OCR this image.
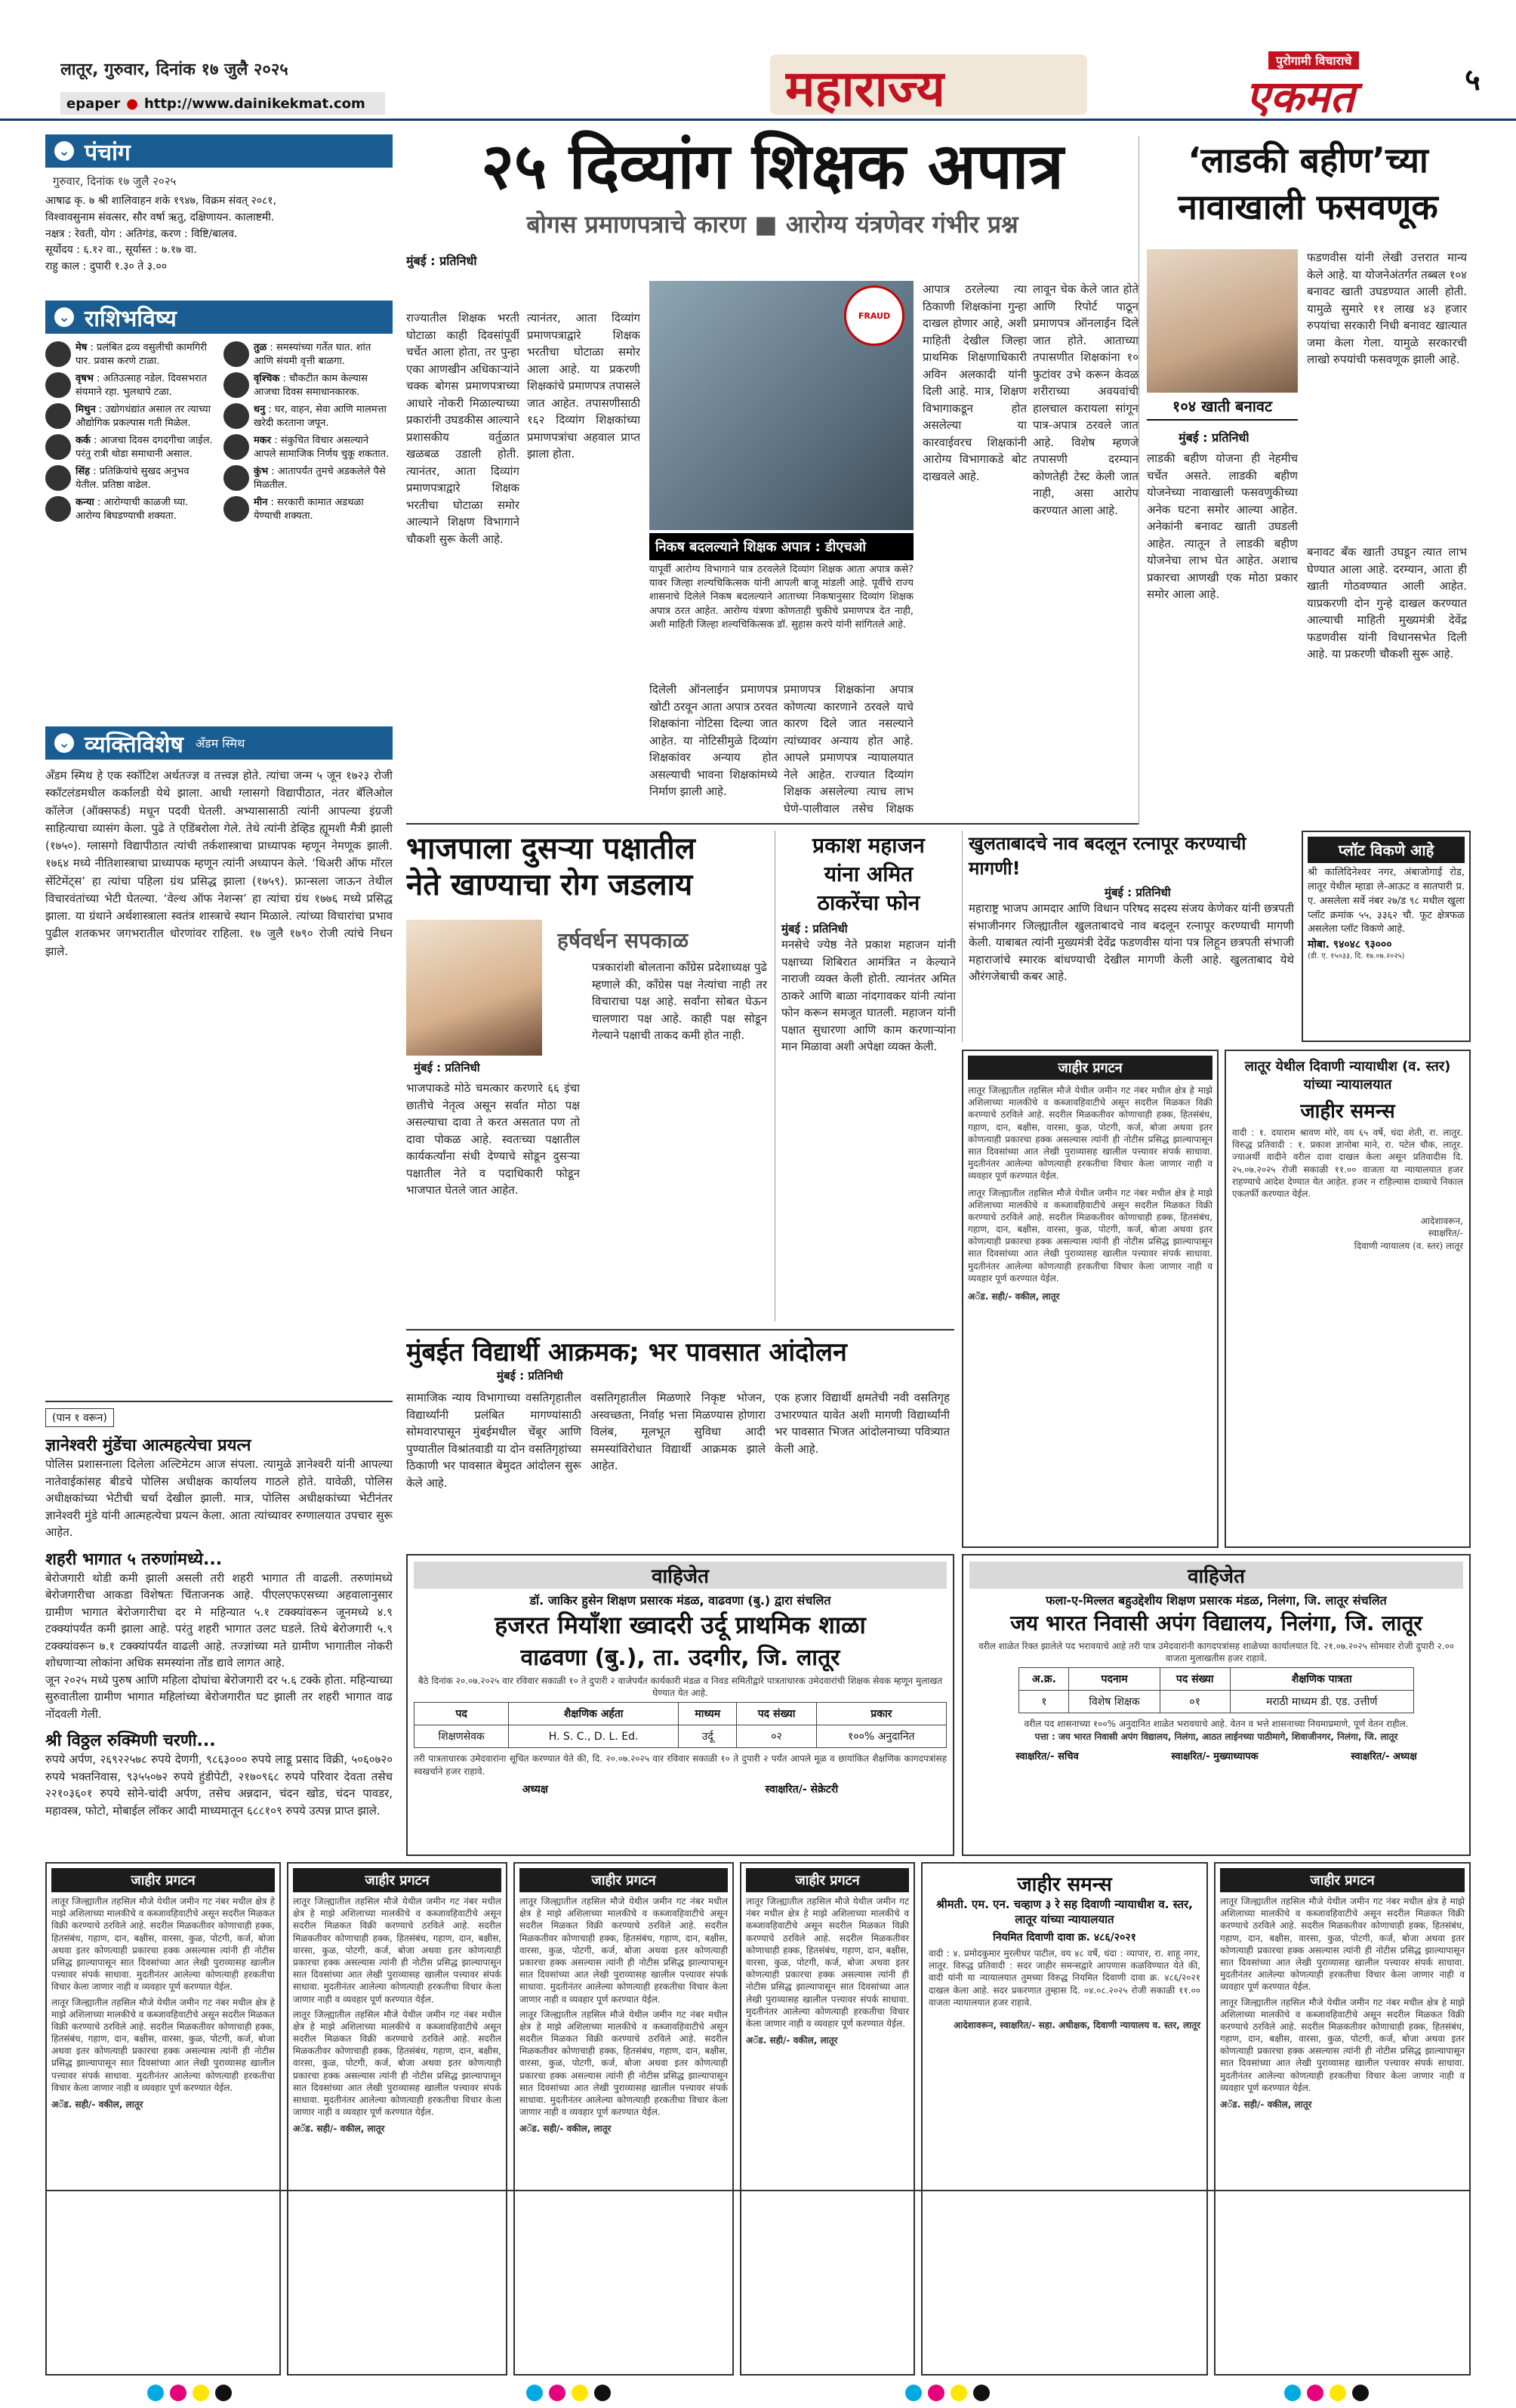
लातूर, गुरुवार, दिनांक १७ जुलै २०२५
epaper ● http://www.dainikekmat.com	महाराज्य	पुरोगामी विचाराचे
एकमत	५
⌄ पंचांग
गुरुवार, दिनांक १७ जुलै २०२५
आषाढ कृ. ७ श्री शालिवाहन शके १९४७, विक्रम संवत् २०८१,
विश्वावसुनाम संवत्सर, सौर वर्षा ऋतु, दक्षिणायन. कालाष्टमी.
नक्षत्र : रेवती, योग : अतिगंड, करण : विष्टि/बालव.
सूर्योदय : ६.१२ वा., सूर्यास्त : ७.१७ वा.
राहु काल : दुपारी १.३० ते ३.००
⌄ राशिभविष्य
मेष : प्रलंबित द्रव्य वसुलीची कामगिरी पार. प्रवास करणे टाळा.
तुळ : समस्यांच्या गर्तेत घात. शांत आणि संयमी वृत्ती बाळगा.
वृषभ : अतिउत्साह नडेल. दिवसभरात संयमाने रहा. भुलथापे टळा.
वृश्चिक : चौकटीत काम केल्यास आजचा दिवस समाधानकारक.
मिथुन : उद्योगधंद्यांत असाल तर त्याच्या औद्योगिक प्रकल्पास गती मिळेल.
धनु : घर, वाहन, सेवा आणि मालमत्ता खरेदी करताना जपून.
कर्क : आजचा दिवस दगदगीचा जाईल. परंतु रात्री थोडा समाधानी असाल.
मकर : संकुचित विचार असल्याने आपले सामाजिक निर्णय चुकू शकतात.
सिंह : प्रतिक्रियांचे सुखद अनुभव येतील. प्रतिष्ठा वाढेल.
कुंभ : आतापर्यंत तुमचे अडकलेले पैसे मिळतील.
कन्या : आरोग्याची काळजी घ्या. आरोग्य बिघडण्याची शक्यता.
मीन : सरकारी कामात अडथळा येण्याची शक्यता.
⌄ व्यक्तिविशेष अँडम स्मिथ
अँडम स्मिथ हे एक स्कॉटिश अर्थतज्ज्ञ व तत्त्वज्ञ होते. त्यांचा जन्म ५ जून १७२३ रोजी स्कॉटलंडमधील कर्कालडी येथे झाला. आधी ग्लासगो विद्यापीठात, नंतर बॅलिओल कॉलेज (ऑक्सफर्ड) मधून पदवी घेतली. अभ्यासासाठी त्यांनी आपल्या इंग्रजी साहित्याचा व्यासंग केला. पुढे ते एडिंबरोला गेले. तेथे त्यांनी डेव्हिड ह्यूमशी मैत्री झाली (१७५०). ग्लासगो विद्यापीठात त्यांची तर्कशास्त्राचा प्राध्यापक म्हणून नेमणूक झाली. १७६४ मध्ये नीतिशास्त्राचा प्राध्यापक म्हणून त्यांनी अध्यापन केले. ‘थिअरी ऑफ मॉरल सेंटिमेंट्स’ हा त्यांचा पहिला ग्रंथ प्रसिद्ध झाला (१७५९). फ्रान्सला जाऊन तेथील विचारवंतांच्या भेटी घेतल्या. ‘वेल्थ ऑफ नेशन्स’ हा त्यांचा ग्रंथ १७७६ मध्ये प्रसिद्ध झाला. या ग्रंथाने अर्थशास्त्राला स्वतंत्र शास्त्राचे स्थान मिळाले. त्यांच्या विचारांचा प्रभाव पुढील शतकभर जगभरातील धोरणांवर राहिला. १७ जुलै १७९० रोजी त्यांचे निधन झाले.
(पान १ वरून)
ज्ञानेश्वरी मुंडेंचा आत्महत्येचा प्रयत्न
पोलिस प्रशासनाला दिलेला अल्टिमेटम आज संपला. त्यामुळे ज्ञानेश्वरी यांनी आपल्या नातेवाईकांसह बीडचे पोलिस अधीक्षक कार्यालय गाठले होते. यावेळी, पोलिस अधीक्षकांच्या भेटीची चर्चा देखील झाली. मात्र, पोलिस अधीक्षकांच्या भेटीनंतर ज्ञानेश्वरी मुंडे यांनी आत्महत्येचा प्रयत्न केला. आता त्यांच्यावर रुग्णालयात उपचार सुरू आहेत.
शहरी भागात ५ तरुणांमध्ये...
बेरोजगारी थोडी कमी झाली असली तरी शहरी भागात ती वाढली. तरुणांमध्ये बेरोजगारीचा आकडा विशेषतः चिंताजनक आहे. पीएलएफएसच्या अहवालानुसार ग्रामीण भागात बेरोजगारीचा दर मे महिन्यात ५.१ टक्क्यांवरून जूनमध्ये ४.९ टक्क्यांपर्यंत कमी झाला आहे. परंतु शहरी भागात उलट घडले. तिथे बेरोजगारी ५.९ टक्क्यांवरून ७.१ टक्क्यांपर्यंत वाढली आहे. तज्ज्ञांच्या मते ग्रामीण भागातील नोकरी शोधणाऱ्या लोकांना अधिक समस्यांना तोंड द्यावे लागत आहे.
जून २०२५ मध्ये पुरुष आणि महिला दोघांचा बेरोजगारी दर ५.६ टक्के होता. महिन्याच्या सुरुवातीला ग्रामीण भागात महिलांच्या बेरोजगारीत घट झाली तर शहरी भागात वाढ नोंदवली गेली.
श्री विठ्ठल रुक्मिणी चरणी...
रुपये अर्पण, २६९२२५७८ रुपये देणगी, ९८६३००० रुपये लाडू प्रसाद विक्री, ५०६०७२० रुपये भक्तनिवास, ९३५५०७२ रुपये हुंडीपेटी, २१७०९६८ रुपये परिवार देवता तसेच २२१०३६०१ रुपये सोने-चांदी अर्पण, तसेच अन्नदान, चंदन खोड, चंदन पावडर, महावस्त्र, फोटो, मोबाईल लॉकर आदी माध्यमातून ६८८१०९ रुपये उत्पन्न प्राप्त झाले.
२५ दिव्यांग शिक्षक अपात्र
बोगस प्रमाणपत्राचे कारण ■ आरोग्य यंत्रणेवर गंभीर प्रश्न
मुंबई : प्रतिनिधी
राज्यातील शिक्षक भरती घोटाळा काही दिवसांपूर्वी चर्चेत आला होता, तर पुन्हा एका आणखीन अधिकाऱ्यांने चक्क बोगस प्रमाणपत्राच्या आधारे नोकरी मिळाल्याच्या प्रकारांनी उघडकीस आल्याने प्रशासकीय वर्तुळात खळबळ उडाली होती. त्यानंतर, आता दिव्यांग प्रमाणपत्राद्वारे शिक्षक भरतीचा घोटाळा समोर आल्याने शिक्षण विभागाने चौकशी सुरू केली आहे.
त्यानंतर, आता दिव्यांग प्रमाणपत्राद्वारे शिक्षक भरतीचा घोटाळा समोर आला आहे. या प्रकरणी शिक्षकांचे प्रमाणपत्र तपासले जात आहेत. तपासणीसाठी १६२ दिव्यांग शिक्षकांच्या प्रमाणपत्रांचा अहवाल प्राप्त झाला होता.
FRAUD
निकष बदलल्याने शिक्षक अपात्र : डीएचओ
यापूर्वी आरोग्य विभागाने पात्र ठरवलेले दिव्यांग शिक्षक आता अपात्र कसे? यावर जिल्हा शल्यचिकित्सक यांनी आपली बाजू मांडली आहे. पूर्वीचे राज्य शासनाचे दिलेले निकष बदलल्याने आताच्या निकषानुसार दिव्यांग शिक्षक अपात्र ठरत आहेत. आरोग्य यंत्रणा कोणताही चुकीचे प्रमाणपत्र देत नाही, अशी माहिती जिल्हा शल्यचिकित्सक डॉ. सुहास करपे यांनी सांगितले आहे.
आपात्र ठरलेल्या त्या ठिकाणी शिक्षकांना गुन्हा दाखल होणार आहे, अशी माहिती देखील जिल्हा प्राथमिक शिक्षणाधिकारी अविन अलकादी यांनी दिली आहे. मात्र, शिक्षण विभागाकडून होत असलेल्या या कारवाईवरच शिक्षकांनी आरोग्य विभागाकडे बोट दाखवले आहे.
लावून चेक केले जात होते आणि रिपोर्ट पाठून प्रमाणपत्र ऑनलाईन दिले जात होते. आताच्या तपासणीत शिक्षकांना १० फुटांवर उभे करून केवळ शरीराच्या अवयवांची हालचाल करायला सांगून पात्र-अपात्र ठरवले जात आहे. विशेष म्हणजे तपासणी दरम्यान कोणतेही टेस्ट केली जात नाही, असा आरोप करण्यात आला आहे.
दिलेली ऑनलाईन प्रमाणपत्र खोटी ठरवून आता अपात्र ठरवत शिक्षकांना नोटिसा दिल्या जात आहेत. या नोटिसीमुळे दिव्यांग शिक्षकांवर अन्याय होत असल्याची भावना शिक्षकांमध्ये निर्माण झाली आहे.
प्रमाणपत्र शिक्षकांना अपात्र कोणत्या कारणाने ठरवले याचे कारण दिले जात नसल्याने त्यांच्यावर अन्याय होत आहे. आपले प्रमाणपत्र न्यायालयात नेले आहेत. राज्यात दिव्यांग शिक्षक असलेल्या त्याच लाभ घेणे-पालीवाल तसेच शिक्षक
‘लाडकी बहीण’च्या
नावाखाली फसवणूक
१०४ खाती बनावट
मुंबई : प्रतिनिधी
लाडकी बहीण योजना ही नेहमीच चर्चेत असते. लाडकी बहीण योजनेच्या नावाखाली फसवणुकीच्या अनेक घटना समोर आल्या आहेत. अनेकांनी बनावट खाती उघडली आहेत. त्यातून ते लाडकी बहीण योजनेचा लाभ घेत आहेत. अशाच प्रकारचा आणखी एक मोठा प्रकार समोर आला आहे.
फडणवीस यांनी लेखी उत्तरात मान्य केले आहे. या योजनेअंतर्गत तब्बल १०४ बनावट खाती उघडण्यात आली होती. यामुळे सुमारे ११ लाख ४३ हजार रुपयांचा सरकारी निधी बनावट खात्यात जमा केला गेला. यामुळे सरकारची लाखो रुपयांची फसवणूक झाली आहे.
बनावट बँक खाती उघडून त्यात लाभ घेण्यात आला आहे. दरम्यान, आता ही खाती गोठवण्यात आली आहेत. याप्रकरणी दोन गुन्हे दाखल करण्यात आल्याची माहिती मुख्यमंत्री देवेंद्र फडणवीस यांनी विधानसभेत दिली आहे. या प्रकरणी चौकशी सुरू आहे.
भाजपाला दुसऱ्या पक्षातील
नेते खाण्याचा रोग जडलाय
हर्षवर्धन सपकाळ
मुंबई : प्रतिनिधी
भाजपाकडे मोठे चमत्कार करणारे ६६ इंचा छातीचे नेतृत्व असून सर्वात मोठा पक्ष असल्याचा दावा ते करत असतात पण तो दावा पोकळ आहे. स्वतःच्या पक्षातील कार्यकर्त्यांना संधी देण्याचे सोडून दुसऱ्या पक्षातील नेते व पदाधिकारी फोडून भाजपात घेतले जात आहेत.
पत्रकारांशी बोलताना काँग्रेस प्रदेशाध्यक्ष पुढे म्हणाले की, काँग्रेस पक्ष नेत्यांचा नाही तर विचाराचा पक्ष आहे. सर्वांना सोबत घेऊन चालणारा पक्ष आहे. काही पक्ष सोडून गेल्याने पक्षाची ताकद कमी होत नाही.
प्रकाश महाजन
यांना अमित
ठाकरेंचा फोन
मुंबई : प्रतिनिधी
मनसेचे ज्येष्ठ नेते प्रकाश महाजन यांनी पक्षाच्या शिबिरात आमंत्रित न केल्याने नाराजी व्यक्त केली होती. त्यानंतर अमित ठाकरे आणि बाळा नांदगावकर यांनी त्यांना फोन करून समजूत घातली. महाजन यांनी पक्षात सुधारणा आणि काम करणाऱ्यांना मान मिळावा अशी अपेक्षा व्यक्त केली.
खुलताबादचे नाव बदलून रत्नापूर करण्याची मागणी!
मुंबई : प्रतिनिधी
महाराष्ट्र भाजप आमदार आणि विधान परिषद सदस्य संजय केणेकर यांनी छत्रपती संभाजीनगर जिल्ह्यातील खुलताबादचे नाव बदलून रत्नापूर करण्याची मागणी केली. याबाबत त्यांनी मुख्यमंत्री देवेंद्र फडणवीस यांना पत्र लिहून छत्रपती संभाजी महाराजांचे स्मारक बांधण्याची देखील मागणी केली आहे. खुलताबाद येथे औरंगजेबाची कबर आहे.
प्लॉट विकणे आहे
श्री कालिदिनेश्वर नगर, अंबाजोगाई रोड, लातूर येथील म्हाडा ले-आऊट व सातपारी प्र. ए. असलेला सर्वे नंबर २७/ड ९८ मधील खुला प्लॉट क्रमांक ५५, ३३६२ चौ. फूट क्षेत्रफळ असलेला प्लॉट विकणे आहे.
मोबा. ९४०४८ ९३०००
(डी. ए. १५०३३, दि. १७.०७.२०२५)
जाहीर प्रगटन
लातूर जिल्ह्यातील तहसिल मौजे येथील जमीन गट नंबर मधील क्षेत्र हे माझे अशिलाच्या मालकीचे व कब्जावहिवाटीचे असून सदरील मिळकत विक्री करण्याचे ठरविले आहे. सदरील मिळकतीवर कोणाचाही हक्क, हितसंबंध, गहाण, दान, बक्षीस, वारसा, कुळ, पोटगी, कर्ज, बोजा अथवा इतर कोणत्याही प्रकारचा हक्क असल्यास त्यांनी ही नोटीस प्रसिद्ध झाल्यापासून सात दिवसांच्या आत लेखी पुराव्यासह खालील पत्त्यावर संपर्क साधावा. मुदतीनंतर आलेल्या कोणत्याही हरकतीचा विचार केला जाणार नाही व व्यवहार पूर्ण करण्यात येईल.
लातूर जिल्ह्यातील तहसिल मौजे येथील जमीन गट नंबर मधील क्षेत्र हे माझे अशिलाच्या मालकीचे व कब्जावहिवाटीचे असून सदरील मिळकत विक्री करण्याचे ठरविले आहे. सदरील मिळकतीवर कोणाचाही हक्क, हितसंबंध, गहाण, दान, बक्षीस, वारसा, कुळ, पोटगी, कर्ज, बोजा अथवा इतर कोणत्याही प्रकारचा हक्क असल्यास त्यांनी ही नोटीस प्रसिद्ध झाल्यापासून सात दिवसांच्या आत लेखी पुराव्यासह खालील पत्त्यावर संपर्क साधावा. मुदतीनंतर आलेल्या कोणत्याही हरकतीचा विचार केला जाणार नाही व व्यवहार पूर्ण करण्यात येईल.
अॅड. सही/- वकील, लातूर
लातूर येथील दिवाणी न्यायाधीश (व. स्तर) यांच्या न्यायालयात
जाहीर समन्स
वादी : १. दयाराम श्रावण मोरे, वय ६५ वर्षे, धंदा शेती, रा. लातूर. विरुद्ध प्रतिवादी : १. प्रकाश ज्ञानोबा माने, रा. पटेल चौक, लातूर. ज्याअर्थी वादीने वरील दावा दाखल केला असून प्रतिवादीस दि. २५.०७.२०२५ रोजी सकाळी ११.०० वाजता या न्यायालयात हजर राहण्याचे आदेश देण्यात येत आहेत. हजर न राहिल्यास दाव्याचे निकाल एकतर्फी करण्यात येईल.
आदेशावरून,
स्वाक्षरित/-
दिवाणी न्यायालय (व. स्तर) लातूर
मुंबईत विद्यार्थी आक्रमक; भर पावसात आंदोलन
मुंबई : प्रतिनिधी
सामाजिक न्याय विभागाच्या वसतिगृहातील विद्यार्थ्यांनी प्रलंबित मागण्यांसाठी सोमवारपासून मुंबईमधील चेंबूर आणि पुण्यातील विश्रांतवाडी या दोन वसतिगृहांच्या ठिकाणी भर पावसात बेमुदत आंदोलन सुरू केले आहे.
वसतिगृहातील मिळणारे निकृष्ट भोजन, अस्वच्छता, निर्वाह भत्ता मिळण्यास होणारा विलंब, मूलभूत सुविधा आदी समस्यांविरोधात विद्यार्थी आक्रमक झाले आहेत.
एक हजार विद्यार्थी क्षमतेची नवी वसतिगृह उभारण्यात यावेत अशी मागणी विद्यार्थ्यांनी भर पावसात भिजत आंदोलनाच्या पवित्र्यात केली आहे.
वाहिजेत
डॉ. जाकिर हुसेन शिक्षण प्रसारक मंडळ, वाढवणा (बु.) द्वारा संचलित
हजरत मियाँशा ख्वादरी उर्दू प्राथमिक शाळा
वाढवणा (बु.), ता. उदगीर, जि. लातूर
बैठे दिनांक २०.०७.२०२५ वार रविवार सकाळी १० ते दुपारी २ वाजेपर्यंत कार्यकारी मंडळ व निवड समितीद्वारे पात्रताधारक उमेदवारांची शिक्षक सेवक म्हणून मुलाखत घेण्यात येत आहे.
पद	शैक्षणिक अर्हता	माध्यम	पद संख्या	प्रकार
शिक्षणसेवक	H. S. C., D. L. Ed.	उर्दू	०२	१००% अनुदानित
तरी पात्रताधारक उमेदवारांना सूचित करण्यात येते की, दि. २०.०७.२०२५ वार रविवार सकाळी १० ते दुपारी २ पर्यंत आपले मूळ व छायांकित शैक्षणिक कागदपत्रांसह स्वखर्चाने हजर राहावे.
अध्यक्ष	स्वाक्षरित/- सेक्रेटरी
वाहिजेत
फला-ए-मिल्लत बहुउद्देशीय शिक्षण प्रसारक मंडळ, निलंगा, जि. लातूर संचलित
जय भारत निवासी अपंग विद्यालय, निलंगा, जि. लातूर
वरील शाळेत रिक्त झालेले पद भरावयाचे आहे तरी पात्र उमेदवारांनी कागदपत्रांसह शाळेच्या कार्यालयात दि. २१.०७.२०२५ सोमवार रोजी दुपारी २.०० वाजता मुलाखतीस हजर राहावे.
अ.क्र.	पदनाम	पद संख्या	शैक्षणिक पात्रता
१	विशेष शिक्षक	०१	मराठी माध्यम डी. एड. उत्तीर्ण
वरील पद शासनाच्या १००% अनुदानित शाळेत भरावयाचे आहे. वेतन व भत्ते शासनाच्या नियमाप्रमाणे, पूर्ण वेतन राहील.
पत्ता : जय भारत निवासी अपंग विद्यालय, निलंगा, आठत लाईनच्या पाठीमागे, शिवाजीनगर, निलंगा, जि. लातूर
स्वाक्षरित/- सचिव	स्वाक्षरित/- मुख्याध्यापक	स्वाक्षरित/- अध्यक्ष
जाहीर प्रगटन
लातूर जिल्ह्यातील तहसिल मौजे येथील जमीन गट नंबर मधील क्षेत्र हे माझे अशिलाच्या मालकीचे व कब्जावहिवाटीचे असून सदरील मिळकत विक्री करण्याचे ठरविले आहे. सदरील मिळकतीवर कोणाचाही हक्क, हितसंबंध, गहाण, दान, बक्षीस, वारसा, कुळ, पोटगी, कर्ज, बोजा अथवा इतर कोणत्याही प्रकारचा हक्क असल्यास त्यांनी ही नोटीस प्रसिद्ध झाल्यापासून सात दिवसांच्या आत लेखी पुराव्यासह खालील पत्त्यावर संपर्क साधावा. मुदतीनंतर आलेल्या कोणत्याही हरकतीचा विचार केला जाणार नाही व व्यवहार पूर्ण करण्यात येईल.
लातूर जिल्ह्यातील तहसिल मौजे येथील जमीन गट नंबर मधील क्षेत्र हे माझे अशिलाच्या मालकीचे व कब्जावहिवाटीचे असून सदरील मिळकत विक्री करण्याचे ठरविले आहे. सदरील मिळकतीवर कोणाचाही हक्क, हितसंबंध, गहाण, दान, बक्षीस, वारसा, कुळ, पोटगी, कर्ज, बोजा अथवा इतर कोणत्याही प्रकारचा हक्क असल्यास त्यांनी ही नोटीस प्रसिद्ध झाल्यापासून सात दिवसांच्या आत लेखी पुराव्यासह खालील पत्त्यावर संपर्क साधावा. मुदतीनंतर आलेल्या कोणत्याही हरकतीचा विचार केला जाणार नाही व व्यवहार पूर्ण करण्यात येईल.
अॅड. सही/- वकील, लातूर
जाहीर प्रगटन
लातूर जिल्ह्यातील तहसिल मौजे येथील जमीन गट नंबर मधील क्षेत्र हे माझे अशिलाच्या मालकीचे व कब्जावहिवाटीचे असून सदरील मिळकत विक्री करण्याचे ठरविले आहे. सदरील मिळकतीवर कोणाचाही हक्क, हितसंबंध, गहाण, दान, बक्षीस, वारसा, कुळ, पोटगी, कर्ज, बोजा अथवा इतर कोणत्याही प्रकारचा हक्क असल्यास त्यांनी ही नोटीस प्रसिद्ध झाल्यापासून सात दिवसांच्या आत लेखी पुराव्यासह खालील पत्त्यावर संपर्क साधावा. मुदतीनंतर आलेल्या कोणत्याही हरकतीचा विचार केला जाणार नाही व व्यवहार पूर्ण करण्यात येईल.
लातूर जिल्ह्यातील तहसिल मौजे येथील जमीन गट नंबर मधील क्षेत्र हे माझे अशिलाच्या मालकीचे व कब्जावहिवाटीचे असून सदरील मिळकत विक्री करण्याचे ठरविले आहे. सदरील मिळकतीवर कोणाचाही हक्क, हितसंबंध, गहाण, दान, बक्षीस, वारसा, कुळ, पोटगी, कर्ज, बोजा अथवा इतर कोणत्याही प्रकारचा हक्क असल्यास त्यांनी ही नोटीस प्रसिद्ध झाल्यापासून सात दिवसांच्या आत लेखी पुराव्यासह खालील पत्त्यावर संपर्क साधावा. मुदतीनंतर आलेल्या कोणत्याही हरकतीचा विचार केला जाणार नाही व व्यवहार पूर्ण करण्यात येईल.
अॅड. सही/- वकील, लातूर
जाहीर प्रगटन
लातूर जिल्ह्यातील तहसिल मौजे येथील जमीन गट नंबर मधील क्षेत्र हे माझे अशिलाच्या मालकीचे व कब्जावहिवाटीचे असून सदरील मिळकत विक्री करण्याचे ठरविले आहे. सदरील मिळकतीवर कोणाचाही हक्क, हितसंबंध, गहाण, दान, बक्षीस, वारसा, कुळ, पोटगी, कर्ज, बोजा अथवा इतर कोणत्याही प्रकारचा हक्क असल्यास त्यांनी ही नोटीस प्रसिद्ध झाल्यापासून सात दिवसांच्या आत लेखी पुराव्यासह खालील पत्त्यावर संपर्क साधावा. मुदतीनंतर आलेल्या कोणत्याही हरकतीचा विचार केला जाणार नाही व व्यवहार पूर्ण करण्यात येईल.
लातूर जिल्ह्यातील तहसिल मौजे येथील जमीन गट नंबर मधील क्षेत्र हे माझे अशिलाच्या मालकीचे व कब्जावहिवाटीचे असून सदरील मिळकत विक्री करण्याचे ठरविले आहे. सदरील मिळकतीवर कोणाचाही हक्क, हितसंबंध, गहाण, दान, बक्षीस, वारसा, कुळ, पोटगी, कर्ज, बोजा अथवा इतर कोणत्याही प्रकारचा हक्क असल्यास त्यांनी ही नोटीस प्रसिद्ध झाल्यापासून सात दिवसांच्या आत लेखी पुराव्यासह खालील पत्त्यावर संपर्क साधावा. मुदतीनंतर आलेल्या कोणत्याही हरकतीचा विचार केला जाणार नाही व व्यवहार पूर्ण करण्यात येईल.
अॅड. सही/- वकील, लातूर
जाहीर प्रगटन
लातूर जिल्ह्यातील तहसिल मौजे येथील जमीन गट नंबर मधील क्षेत्र हे माझे अशिलाच्या मालकीचे व कब्जावहिवाटीचे असून सदरील मिळकत विक्री करण्याचे ठरविले आहे. सदरील मिळकतीवर कोणाचाही हक्क, हितसंबंध, गहाण, दान, बक्षीस, वारसा, कुळ, पोटगी, कर्ज, बोजा अथवा इतर कोणत्याही प्रकारचा हक्क असल्यास त्यांनी ही नोटीस प्रसिद्ध झाल्यापासून सात दिवसांच्या आत लेखी पुराव्यासह खालील पत्त्यावर संपर्क साधावा. मुदतीनंतर आलेल्या कोणत्याही हरकतीचा विचार केला जाणार नाही व व्यवहार पूर्ण करण्यात येईल.
अॅड. सही/- वकील, लातूर
जाहीर समन्स
श्रीमती. एम. एन. चव्हाण ३ रे सह दिवाणी न्यायाधीश व. स्तर, लातूर यांच्या न्यायालयात
नियमित दिवाणी दावा क्र. ४८६/२०२१
वादी : ४. प्रमोदकुमार मुरलीधर पाटील, वय ४८ वर्षे, धंदा : व्यापार, रा. शाहू नगर, लातूर. विरुद्ध प्रतिवादी : सदर जाहीर समन्सद्वारे आपणास कळविण्यात येते की, वादी यांनी या न्यायालयात तुमच्या विरुद्ध नियमित दिवाणी दावा क्र. ४८६/२०२१ दाखल केला आहे. सदर प्रकरणात तुम्हास दि. ०४.०८.२०२५ रोजी सकाळी ११.०० वाजता न्यायालयात हजर राहावे.
आदेशावरून, स्वाक्षरित/- सहा. अधीक्षक, दिवाणी न्यायालय व. स्तर, लातूर
जाहीर प्रगटन
लातूर जिल्ह्यातील तहसिल मौजे येथील जमीन गट नंबर मधील क्षेत्र हे माझे अशिलाच्या मालकीचे व कब्जावहिवाटीचे असून सदरील मिळकत विक्री करण्याचे ठरविले आहे. सदरील मिळकतीवर कोणाचाही हक्क, हितसंबंध, गहाण, दान, बक्षीस, वारसा, कुळ, पोटगी, कर्ज, बोजा अथवा इतर कोणत्याही प्रकारचा हक्क असल्यास त्यांनी ही नोटीस प्रसिद्ध झाल्यापासून सात दिवसांच्या आत लेखी पुराव्यासह खालील पत्त्यावर संपर्क साधावा. मुदतीनंतर आलेल्या कोणत्याही हरकतीचा विचार केला जाणार नाही व व्यवहार पूर्ण करण्यात येईल.
लातूर जिल्ह्यातील तहसिल मौजे येथील जमीन गट नंबर मधील क्षेत्र हे माझे अशिलाच्या मालकीचे व कब्जावहिवाटीचे असून सदरील मिळकत विक्री करण्याचे ठरविले आहे. सदरील मिळकतीवर कोणाचाही हक्क, हितसंबंध, गहाण, दान, बक्षीस, वारसा, कुळ, पोटगी, कर्ज, बोजा अथवा इतर कोणत्याही प्रकारचा हक्क असल्यास त्यांनी ही नोटीस प्रसिद्ध झाल्यापासून सात दिवसांच्या आत लेखी पुराव्यासह खालील पत्त्यावर संपर्क साधावा. मुदतीनंतर आलेल्या कोणत्याही हरकतीचा विचार केला जाणार नाही व व्यवहार पूर्ण करण्यात येईल.
अॅड. सही/- वकील, लातूर
